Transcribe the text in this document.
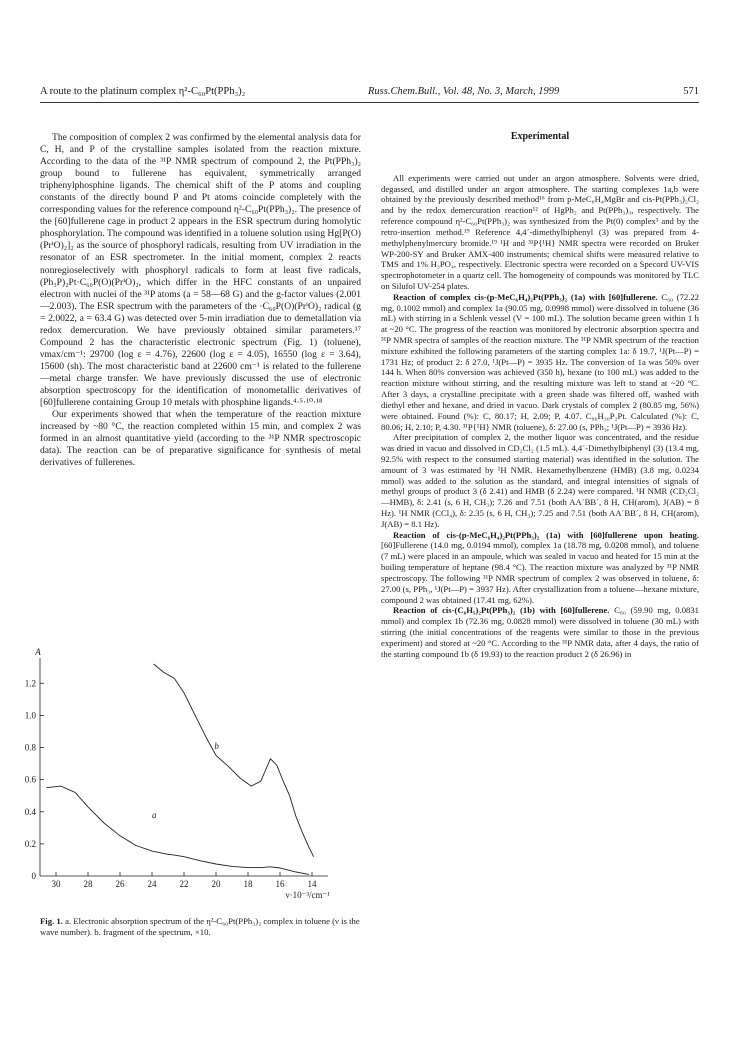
A route to the platinum complex η²-C₆₀Pt(PPh₃)₂	Russ.Chem.Bull., Vol. 48, No. 3, March, 1999	571

The composition of complex 2 was confirmed by the elemental analysis data for C, H, and P of the crystalline samples isolated from the reaction mixture. According to the data of the ³¹P NMR spectrum of compound 2, the Pt(PPh₃)₂ group bound to fullerene has equivalent, symmetrically arranged triphenylphosphine ligands. The chemical shift of the P atoms and coupling constants of the directly bound P and Pt atoms coincide completely with the corresponding values for the reference compound η²-C₆₀Pt(PPh₃)₂. The presence of the [60]fullerene cage in product 2 appears in the ESR spectrum during homolytic phosphorylation. The compound was identified in a toluene solution using Hg[P(O)(PrⁱO)₂]₂ as the source of phosphoryl radicals, resulting from UV irradiation in the resonator of an ESR spectrometer. In the initial moment, complex 2 reacts nonregioselectively with phosphoryl radicals to form at least five radicals, (Ph₃P)₂Pt·C₆₀P(O)(PrⁱO)₂, which differ in the HFC constants of an unpaired electron with nuclei of the ³¹P atoms (a = 58—68 G) and the g-factor values (2.001—2.003). The ESR spectrum with the parameters of the ·C₆₀P(O)(PrⁱO)₂ radical (g = 2.0022, a = 63.4 G) was detected over 5-min irradiation due to demetallation via redox demercuration. We have previously obtained similar parameters.¹⁷ Compound 2 has the characteristic electronic spectrum (Fig. 1) (toluene), νmax/cm⁻¹: 29700 (log ε = 4.76), 22600 (log ε = 4.05), 16550 (log ε = 3.64), 15600 (sh). The most characteristic band at 22600 cm⁻¹ is related to the fullerene—metal charge transfer. We have previously discussed the use of electronic absorption spectroscopy for the identification of monometallic derivatives of [60]fullerene containing Group 10 metals with phosphine ligands.⁴·⁵·¹⁰·¹⁸

Our experiments showed that when the temperature of the reaction mixture increased by ~80 °C, the reaction completed within 15 min, and complex 2 was formed in an almost quantitative yield (according to the ³¹P NMR spectroscopic data). The reaction can be of preparative significance for synthesis of metal derivatives of fullerenes.

A
0.2
0.4
0.6
0.8
1.0
1.2
0
30	28	26	24	22	20	18	16	14
ν·10⁻³/cm⁻¹
a
b
Fig. 1. a. Electronic absorption spectrum of the η²-C₆₀Pt(PPh₃)₂ complex in toluene (ν is the wave number). b. fragment of the spectrum, ×10.
Experimental

All experiments were carried out under an argon atmosphere. Solvents were dried, degassed, and distilled under an argon atmosphere. The starting complexes 1a,b were obtained by the previously described method¹⁶ from p-MeC₆H₄MgBr and cis-Pt(PPh₃)₂Cl₂ and by the redox demercuration reaction¹² of HgPh₂ and Pt(PPh₃)₃, respectively. The reference compound η²-C₆₀Pt(PPh₃)₂ was synthesized from the Pt(0) complex³ and by the retro-insertion method.¹⁹ Reference 4,4´-dimethylbiphenyl (3) was prepared from 4-methylphenylmercury bromide.¹⁹ ¹H and ³¹P{¹H} NMR spectra were recorded on Bruker WP-200-SY and Bruker AMX-400 instruments; chemical shifts were measured relative to TMS and 1% H₃PO₄, respectively. Electronic spectra were recorded on a Specord UV-VIS spectrophotometer in a quartz cell. The homogeneity of compounds was monitored by TLC on Silufol UV-254 plates.

Reaction of complex cis-(p-MeC₆H₄)₂Pt(PPh₃)₂ (1a) with [60]fullerene. C₆₀ (72.22 mg, 0.1002 mmol) and complex 1a (90.05 mg, 0.0998 mmol) were dissolved in toluene (36 mL) with stirring in a Schlenk vessel (V = 100 mL). The solution became green within 1 h at ~20 °C. The progress of the reaction was monitored by electronic absorption spectra and ³¹P NMR spectra of samples of the reaction mixture. The ³¹P NMR spectrum of the reaction mixture exhibited the following parameters of the starting complex 1a: δ 19.7, ¹J(Pt—P) = 1731 Hz; of product 2: δ 27.0, ¹J(Pt—P) = 3935 Hz. The conversion of 1a was 50% over 144 h. When 80% conversion was achieved (350 h), hexane (to 100 mL) was added to the reaction mixture without stirring, and the resulting mixture was left to stand at ~20 °C. After 3 days, a crystalline precipitate with a green shade was filtered off, washed with diethyl ether and hexane, and dried in vacuo. Dark crystals of complex 2 (80.85 mg, 56%) were obtained. Found (%): C, 80.17; H, 2.09; P, 4.07. C₉₆H₃₀P₂Pt. Calculated (%): C, 80.06; H, 2.10; P, 4.30. ³¹P{¹H} NMR (toluene), δ: 27.00 (s, PPh₃; ¹J(Pt—P) = 3936 Hz).

After precipitation of complex 2, the mother liquor was concentrated, and the residue was dried in vacuo and dissolved in CD₂Cl₂ (1.5 mL). 4,4´-Dimethylbiphenyl (3) (13.4 mg, 92.5% with respect to the consumed starting material) was identified in the solution. The amount of 3 was estimated by ¹H NMR. Hexamethylbenzene (HMB) (3.8 mg, 0.0234 mmol) was added to the solution as the standard, and integral intensities of signals of methyl groups of product 3 (δ 2.41) and HMB (δ 2.24) were compared. ¹H NMR (CD₂Cl₂—HMB), δ: 2.41 (s, 6 H, CH₃); 7.26 and 7.51 (both AA´BB´, 8 H, CH(arom), J(AB) = 8 Hz). ¹H NMR (CCl₄), δ: 2.35 (s, 6 H, CH₃); 7.25 and 7.51 (both AA´BB´, 8 H, CH(arom), J(AB) = 8.1 Hz).

Reaction of cis-(p-MeC₆H₄)₂Pt(PPh₃)₂ (1a) with [60]fullerene upon heating. [60]Fullerene (14.0 mg, 0.0194 mmol), complex 1a (18.78 mg, 0.0208 mmol), and toluene (7 mL) were placed in an ampoule, which was sealed in vacuo and heated for 15 min at the boiling temperature of heptane (98.4 °C). The reaction mixture was analyzed by ³¹P NMR spectroscopy. The following ³¹P NMR spectrum of complex 2 was observed in toluene, δ: 27.00 (s, PPh₃, ¹J(Pt—P) = 3937 Hz). After crystallization from a toluene—hexane mixture, compound 2 was obtained (17.41 mg, 62%).

Reaction of cis-(C₆H₅)₂Pt(PPh₃)₂ (1b) with [60]fullerene. C₆₀ (59.90 mg, 0.0831 mmol) and complex 1b (72.36 mg, 0.0828 mmol) were dissolved in toluene (30 mL) with stirring (the initial concentrations of the reagents were similar to those in the previous experiment) and stored at ~20 °C. According to the ³¹P NMR data, after 4 days, the ratio of the starting compound 1b (δ 19.93) to the reaction product 2 (δ 26.96) in
